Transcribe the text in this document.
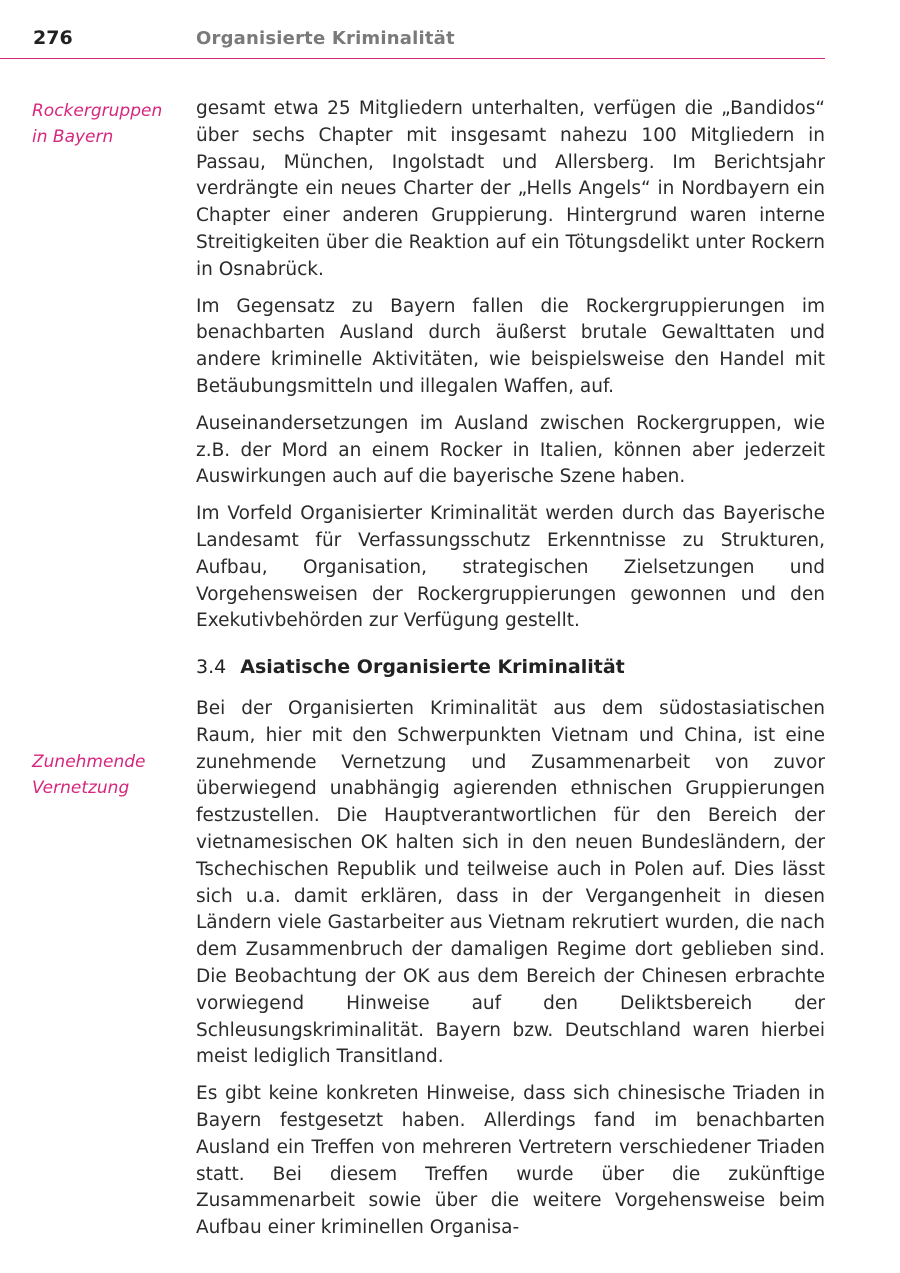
276	Organisierte Kriminalität
Rockergruppen
in Bayern

gesamt etwa 25 Mitgliedern unterhalten, verfügen die „Bandidos“ über sechs Chapter mit insgesamt nahezu 100 Mitgliedern in Passau, München, Ingolstadt und Allersberg. Im Berichtsjahr verdrängte ein neues Charter der „Hells Angels“ in Nordbayern ein Chapter einer anderen Gruppierung. Hintergrund waren interne Streitigkeiten über die Reaktion auf ein Tötungsdelikt unter Rockern in Osnabrück.

Im Gegensatz zu Bayern fallen die Rockergruppierungen im benachbarten Ausland durch äußerst brutale Gewalttaten und andere kriminelle Aktivitäten, wie beispielsweise den Handel mit Betäubungsmitteln und illegalen Waffen, auf.

Auseinandersetzungen im Ausland zwischen Rockergruppen, wie z.B. der Mord an einem Rocker in Italien, können aber jederzeit Auswirkungen auch auf die bayerische Szene haben.

Im Vorfeld Organisierter Kriminalität werden durch das Bayerische Landesamt für Verfassungsschutz Erkenntnisse zu Strukturen, Aufbau, Organisation, strategischen Zielsetzungen und Vorgehensweisen der Rockergruppierungen gewonnen und den Exekutivbehörden zur Verfügung gestellt.

3.4 Asiatische Organisierte Kriminalität
Zunehmende
Vernetzung

Bei der Organisierten Kriminalität aus dem südostasiatischen Raum, hier mit den Schwerpunkten Vietnam und China, ist eine zunehmende Vernetzung und Zusammenarbeit von zuvor überwiegend unabhängig agierenden ethnischen Gruppierungen festzustellen. Die Hauptverantwortlichen für den Bereich der vietnamesischen OK halten sich in den neuen Bundesländern, der Tschechischen Republik und teilweise auch in Polen auf. Dies lässt sich u.a. damit erklären, dass in der Vergangenheit in diesen Ländern viele Gastarbeiter aus Vietnam rekrutiert wurden, die nach dem Zusammenbruch der damaligen Regime dort geblieben sind. Die Beobachtung der OK aus dem Bereich der Chinesen erbrachte vorwiegend Hinweise auf den Deliktsbereich der Schleusungskriminalität. Bayern bzw. Deutschland waren hierbei meist lediglich Transitland.

Es gibt keine konkreten Hinweise, dass sich chinesische Triaden in Bayern festgesetzt haben. Allerdings fand im benachbarten Ausland ein Treffen von mehreren Vertretern verschiedener Triaden statt. Bei diesem Treffen wurde über die zukünftige Zusammenarbeit sowie über die weitere Vorgehensweise beim Aufbau einer kriminellen Organisa-
